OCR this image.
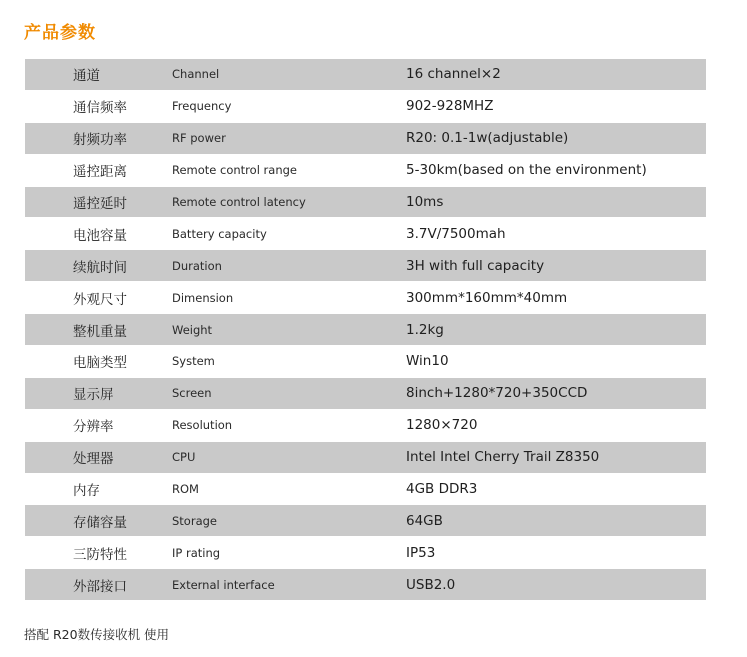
产品参数
通道	Channel	16 channel×2
通信频率	Frequency	902-928MHZ
射频功率	RF power	R20: 0.1-1w(adjustable)
遥控距离	Remote control range	5-30km(based on the environment)
遥控延时	Remote control latency	10ms
电池容量	Battery capacity	3.7V/7500mah
续航时间	Duration	3H with full capacity
外观尺寸	Dimension	300mm*160mm*40mm
整机重量	Weight	1.2kg
电脑类型	System	Win10
显示屏	Screen	8inch+1280*720+350CCD
分辨率	Resolution	1280×720
处理器	CPU	Intel Intel Cherry Trail Z8350
内存	ROM	4GB DDR3
存储容量	Storage	64GB
三防特性	IP rating	IP53
外部接口	External interface	USB2.0
搭配 R20数传接收机 使用
